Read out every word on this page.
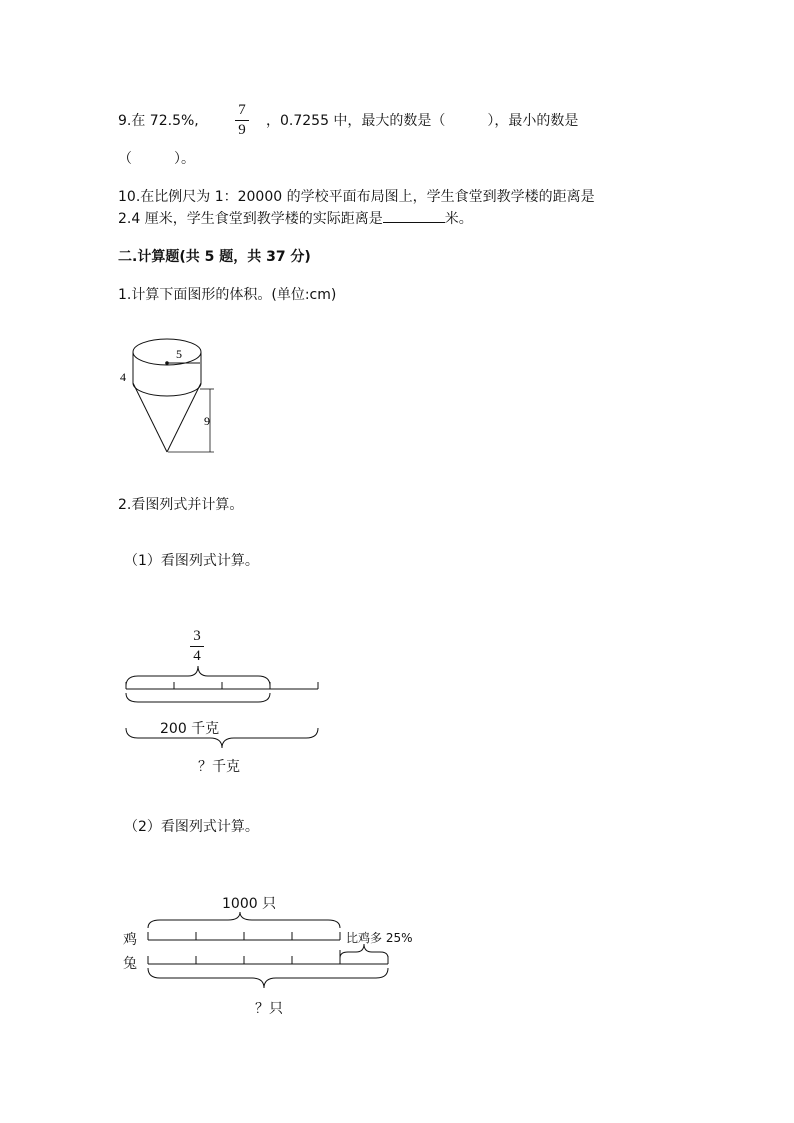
9.在 72.5%,
7
9
，0.7255 中，最大的数是（　　　），最小的数是
（　　　）。
10.在比例尺为 1：20000 的学校平面布局图上，学生食堂到教学楼的距离是
2.4 厘米，学生食堂到教学楼的实际距离是	米。
二.计算题(共 5 题，共 37 分)
1.计算下面图形的体积。(单位:cm)
5
4
9
2.看图列式并计算。
（1）看图列式计算。
3
4
200 千克
？千克
（2）看图列式计算。
1000 只
鸡
兔
比鸡多 25%
？只
